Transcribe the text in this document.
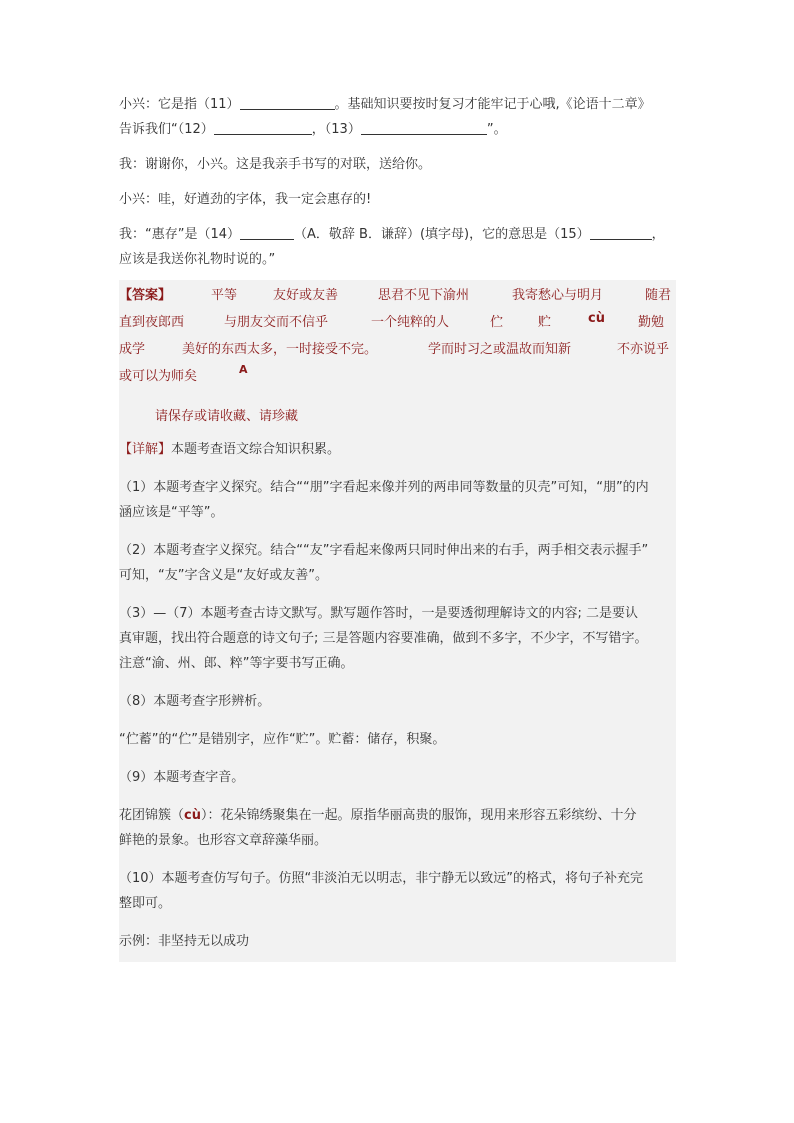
小兴：它是指（11）	。基础知识要按时复习才能牢记于心哦,《论语十二章》

告诉我们“（12）	，（13）	”。

我：谢谢你，小兴。这是我亲手书写的对联，送给你。

小兴：哇，好遒劲的字体，我一定会惠存的!

我：“惠存”是（14）	（A．敬辞 B．谦辞）(填字母)，它的意思是（15）	，

应该是我送你礼物时说的。”

【答案】	平等	友好或友善	思君不见下渝州	我寄愁心与明月	随君
直到夜郎西	与朋友交而不信乎	一个纯粹的人	伫	贮	cù	勤勉
成学	美好的东西太多，一时接受不完。	学而时习之或温故而知新	不亦说乎
或可以为师矣	A

请保存或请收藏、请珍藏

【详解】本题考查语文综合知识积累。

（1）本题考查字义探究。结合““朋”字看起来像并列的两串同等数量的贝壳”可知，“朋”的内

涵应该是“平等”。

（2）本题考查字义探究。结合““友”字看起来像两只同时伸出来的右手，两手相交表示握手”

可知，“友”字含义是“友好或友善”。

（3）—（7）本题考查古诗文默写。默写题作答时，一是要透彻理解诗文的内容; 二是要认

真审题，找出符合题意的诗文句子; 三是答题内容要准确，做到不多字，不少字，不写错字。

注意“渝、州、郎、粹”等字要书写正确。

（8）本题考查字形辨析。

“伫蓄”的“伫”是错别字，应作“贮”。贮蓄：储存，积聚。

（9）本题考查字音。

花团锦簇（cù）：花朵锦绣聚集在一起。原指华丽高贵的服饰，现用来形容五彩缤纷、十分

鲜艳的景象。也形容文章辞藻华丽。

（10）本题考查仿写句子。仿照“非淡泊无以明志，非宁静无以致远”的格式，将句子补充完

整即可。

示例：非坚持无以成功
